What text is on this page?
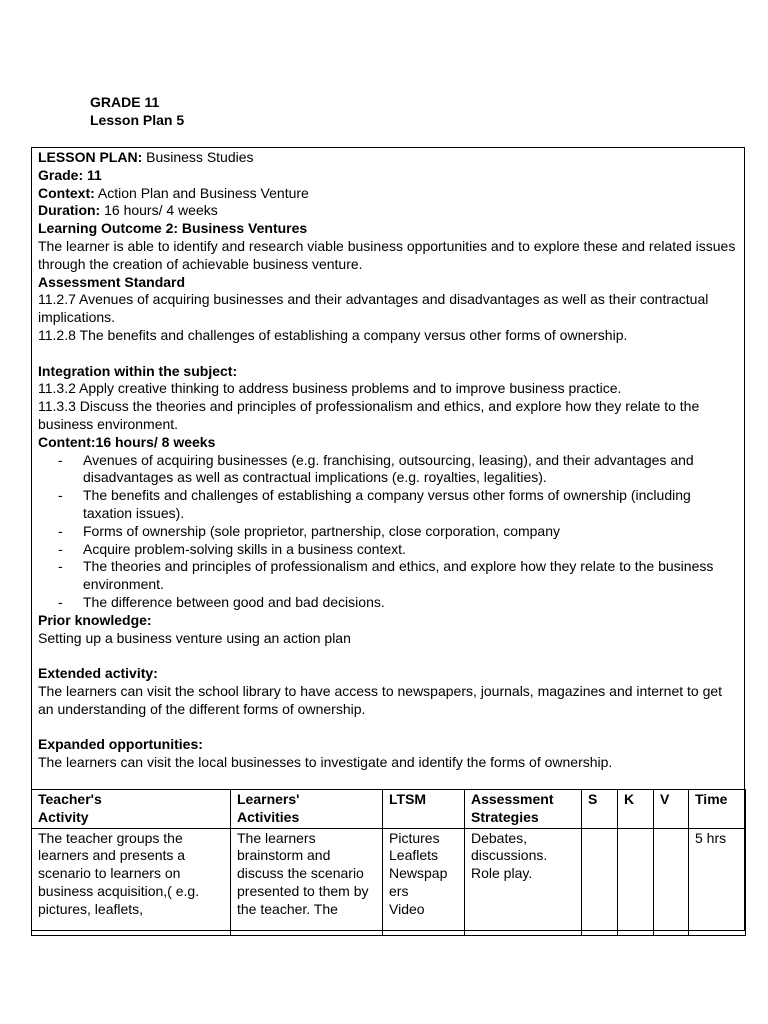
GRADE 11
Lesson Plan 5
LESSON PLAN: Business Studies
Grade: 11
Context: Action Plan and Business Venture
Duration: 16 hours/ 4 weeks
Learning Outcome 2: Business Ventures
The learner is able to identify and research viable business opportunities and to explore these and related issues through the creation of achievable business venture.
Assessment Standard
11.2.7 Avenues of acquiring businesses and their advantages and disadvantages as well as their contractual implications.
11.2.8 The benefits and challenges of establishing a company versus other forms of ownership.
Integration within the subject:
11.3.2 Apply creative thinking to address business problems and to improve business practice.
11.3.3 Discuss the theories and principles of professionalism and ethics, and explore how they relate to the business environment.
Content:16 hours/ 8 weeks
- Avenues of acquiring businesses (e.g. franchising, outsourcing, leasing), and their advantages and disadvantages as well as contractual implications (e.g. royalties, legalities).
- The benefits and challenges of establishing a company versus other forms of ownership (including taxation issues).
- Forms of ownership (sole proprietor, partnership, close corporation, company
- Acquire problem-solving skills in a business context.
- The theories and principles of professionalism and ethics, and explore how they relate to the business environment.
- The difference between good and bad decisions.
Prior knowledge:
Setting up a business venture using an action plan
Extended activity:
The learners can visit the school library to have access to newspapers, journals, magazines and internet to get an understanding of the different forms of ownership.
Expanded opportunities:
The learners can visit the local businesses to investigate and identify the forms of ownership.
Teacher's
Activity	Learners'
Activities	LTSM	Assessment
Strategies	S	K	V	Time
The teacher groups the learners and presents a scenario to learners on business acquisition,( e.g. pictures, leaflets,	The learners brainstorm and discuss the scenario presented to them by the teacher. The	Pictures
Leaflets
Newspap
ers
Video	Debates,
discussions.
Role play.				5 hrs
